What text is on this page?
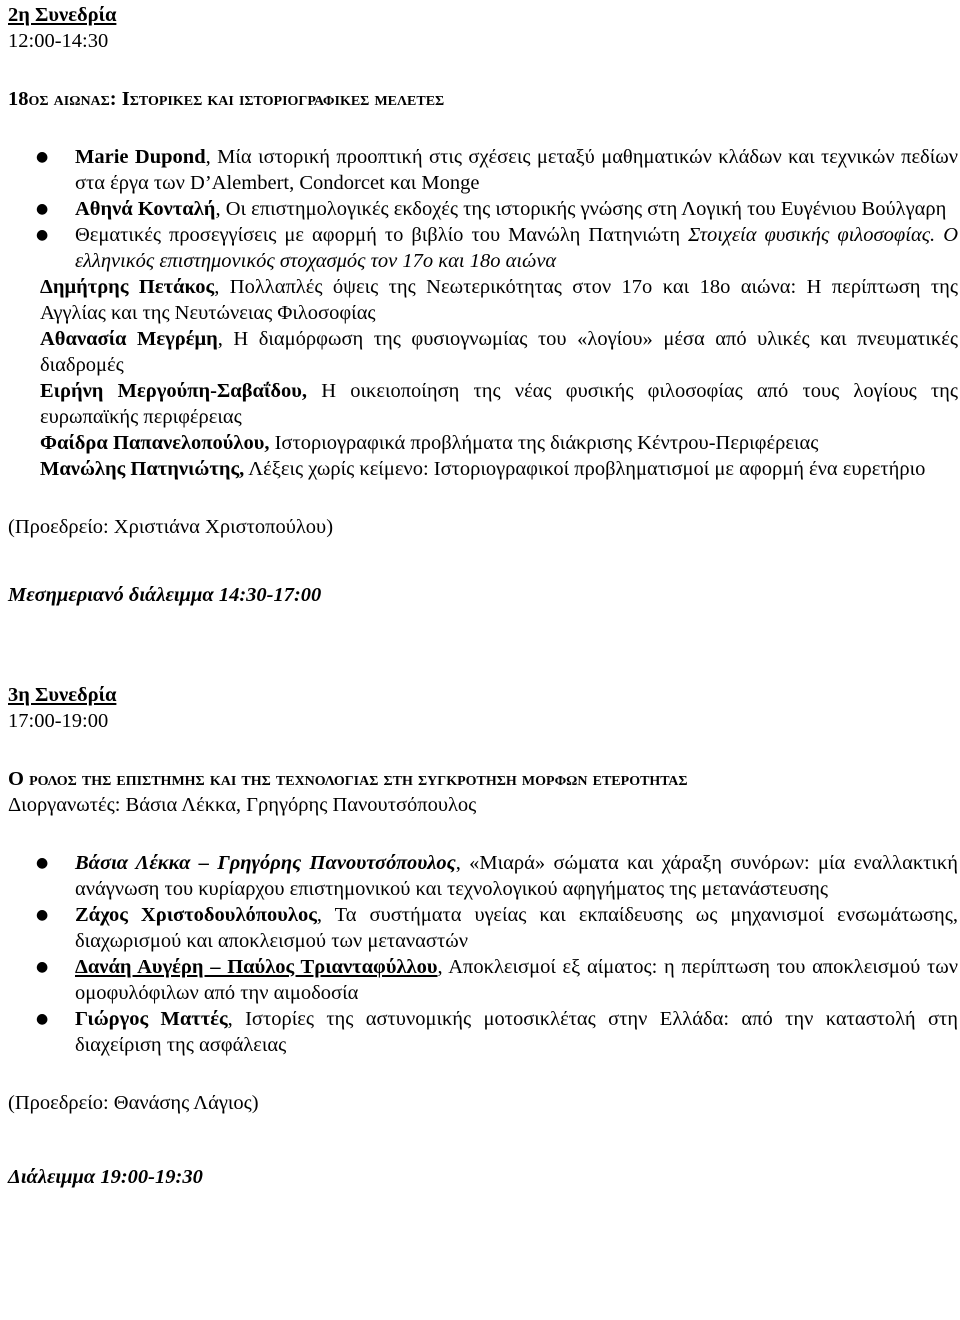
2η Συνεδρία

12:00-14:30

18ος αιωνας: Ιστορικες και ιστοριογραφικες μελετες

● Marie Dupond, Μία ιστορική προοπτική στις σχέσεις μεταξύ μαθηματικών κλάδων και τεχνικών πεδίων στα έργα των D’Alembert, Condorcet και Monge
● Αθηνά Κονταλή, Οι επιστημολογικές εκδοχές της ιστορικής γνώσης στη Λογική του Ευγένιου Βούλγαρη
● Θεματικές προσεγγίσεις με αφορμή το βιβλίο του Μανώλη Πατηνιώτη Στοιχεία φυσικής φιλοσοφίας. Ο ελληνικός επιστημονικός στοχασμός τον 17ο και 18ο αιώνα
Δημήτρης Πετάκος, Πολλαπλές όψεις της Νεωτερικότητας στον 17ο και 18ο αιώνα: Η περίπτωση της Αγγλίας και της Νευτώνειας Φιλοσοφίας
Αθανασία Μεγρέμη, Η διαμόρφωση της φυσιογνωμίας του «λογίου» μέσα από υλικές και πνευματικές διαδρομές
Ειρήνη Μεργούπη-Σαβαΐδου, Η οικειοποίηση της νέας φυσικής φιλοσοφίας από τους λογίους της ευρωπαϊκής περιφέρειας
Φαίδρα Παπανελοπούλου, Ιστοριογραφικά προβλήματα της διάκρισης Κέντρου-Περιφέρειας
Μανώλης Πατηνιώτης, Λέξεις χωρίς κείμενο: Ιστοριογραφικοί προβληματισμοί με αφορμή ένα ευρετήριο

(Προεδρείο: Χριστιάνα Χριστοπούλου)

Μεσημεριανό διάλειμμα 14:30-17:00

3η Συνεδρία

17:00-19:00

Ο ρολος της επιστημης και της τεχνολογιας στη συγκροτηση μορφων ετεροτητας

Διοργανωτές: Βάσια Λέκκα, Γρηγόρης Πανουτσόπουλος

● Βάσια Λέκκα – Γρηγόρης Πανουτσόπουλος, «Μιαρά» σώματα και χάραξη συνόρων: μία εναλλακτική ανάγνωση του κυρίαρχου επιστημονικού και τεχνολογικού αφηγήματος της μετανάστευσης
● Ζάχος Χριστοδουλόπουλος, Τα συστήματα υγείας και εκπαίδευσης ως μηχανισμοί ενσωμάτωσης, διαχωρισμού και αποκλεισμού των μεταναστών
● Δανάη Αυγέρη – Παύλος Τριανταφύλλου, Αποκλεισμοί εξ αίματος: η περίπτωση του αποκλεισμού των ομοφυλόφιλων από την αιμοδοσία
● Γιώργος Ματτές, Ιστορίες της αστυνομικής μοτοσικλέτας στην Ελλάδα: από την καταστολή στη διαχείριση της ασφάλειας

(Προεδρείο: Θανάσης Λάγιος)

Διάλειμμα 19:00-19:30
